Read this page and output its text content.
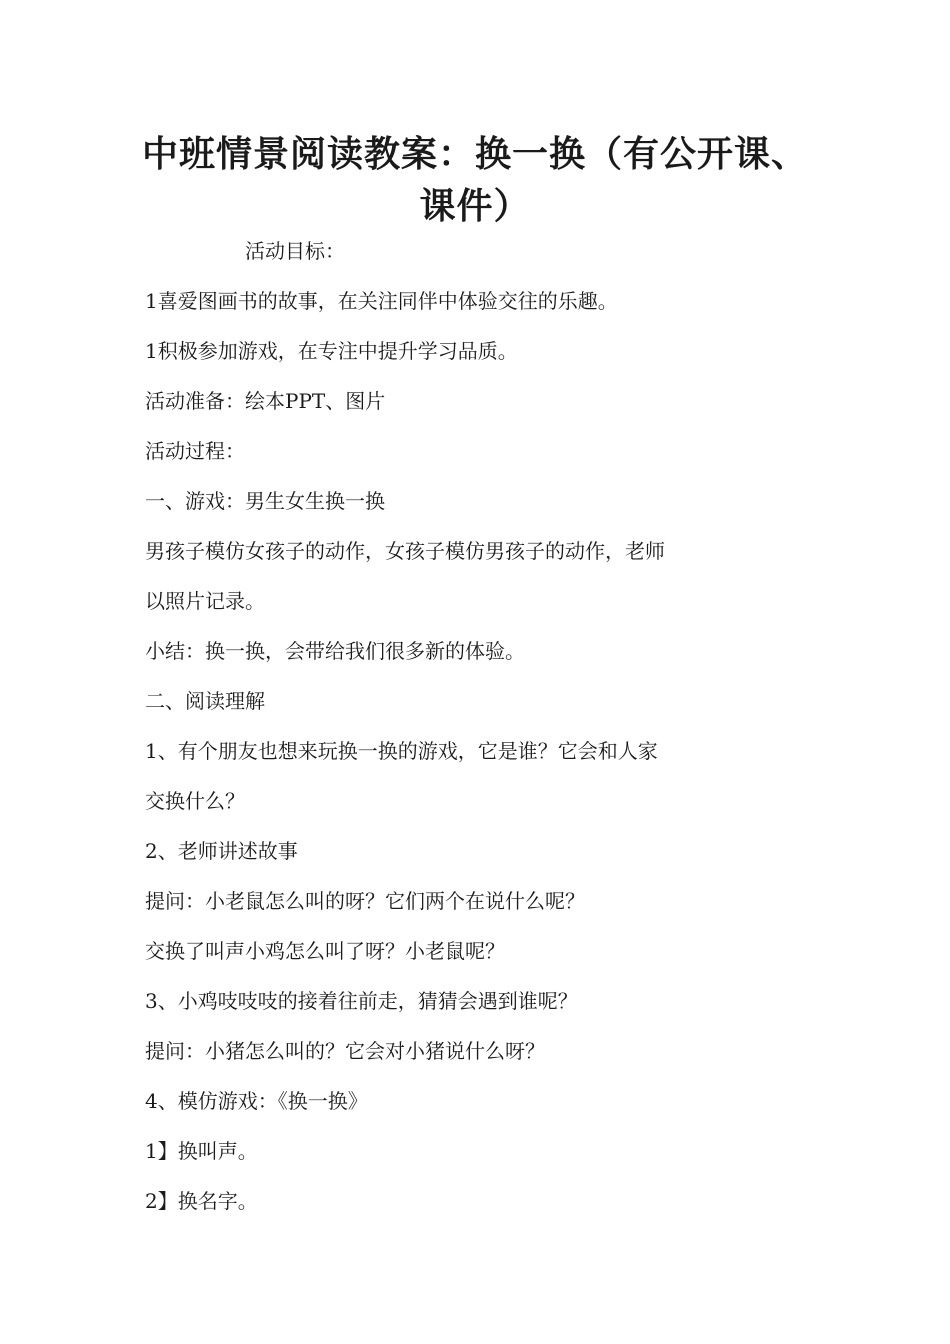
中班情景阅读教案：换一换（有公开课、
课件）
活动目标：
1喜爱图画书的故事，在关注同伴中体验交往的乐趣。
1积极参加游戏，在专注中提升学习品质。
活动准备：绘本PPT、图片
活动过程：
一、游戏：男生女生换一换
男孩子模仿女孩子的动作，女孩子模仿男孩子的动作，老师
以照片记录。
小结：换一换，会带给我们很多新的体验。
二、阅读理解
1、有个朋友也想来玩换一换的游戏，它是谁？它会和人家
交换什么？
2、老师讲述故事
提问：小老鼠怎么叫的呀？它们两个在说什么呢？
交换了叫声小鸡怎么叫了呀？小老鼠呢？
3、小鸡吱吱吱的接着往前走，猜猜会遇到谁呢？
提问：小猪怎么叫的？它会对小猪说什么呀？
4、模仿游戏：《换一换》
1】换叫声。
2】换名字。
